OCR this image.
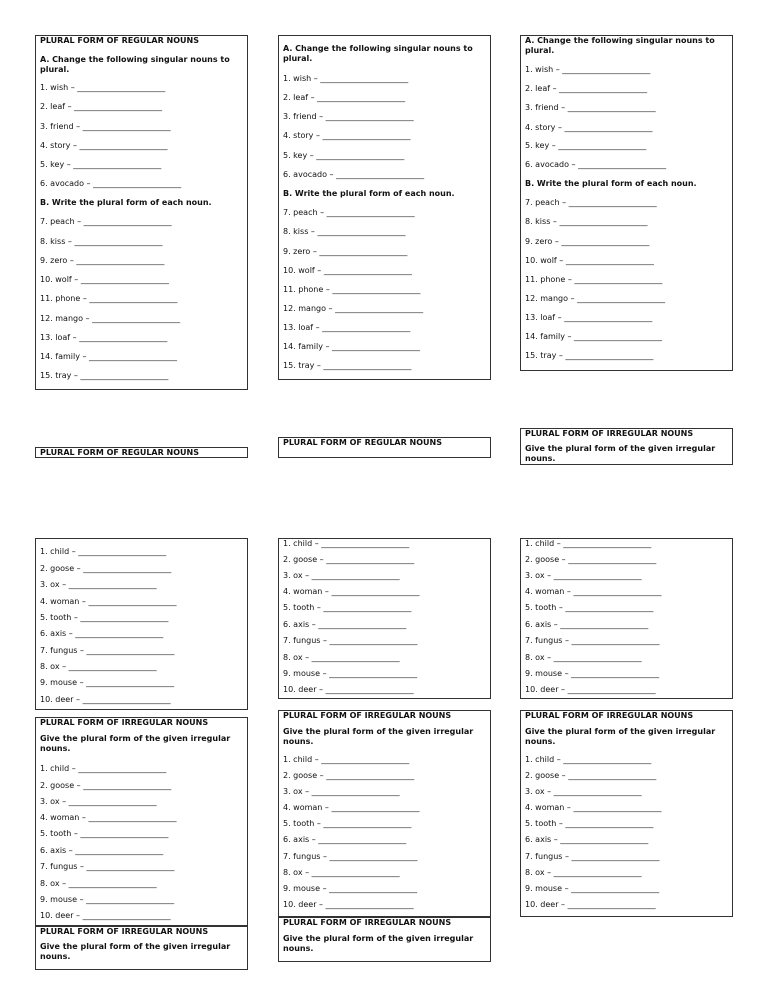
PLURAL FORM OF REGULAR NOUNS
A. Change the following singular nouns to plural.
1. wish – ______________________
2. leaf – ______________________
3. friend – ______________________
4. story – ______________________
5. key – ______________________
6. avocado – ______________________
B. Write the plural form of each noun.
7. peach – ______________________
8. kiss – ______________________
9. zero – ______________________
10. wolf – ______________________
11. phone – ______________________
12. mango – ______________________
13. loaf – ______________________
14. family – ______________________
15. tray – ______________________
A. Change the following singular nouns to plural.
1. wish – ______________________
2. leaf – ______________________
3. friend – ______________________
4. story – ______________________
5. key – ______________________
6. avocado – ______________________
B. Write the plural form of each noun.
7. peach – ______________________
8. kiss – ______________________
9. zero – ______________________
10. wolf – ______________________
11. phone – ______________________
12. mango – ______________________
13. loaf – ______________________
14. family – ______________________
15. tray – ______________________
A. Change the following singular nouns to plural.
1. wish – ______________________
2. leaf – ______________________
3. friend – ______________________
4. story – ______________________
5. key – ______________________
6. avocado – ______________________
B. Write the plural form of each noun.
7. peach – ______________________
8. kiss – ______________________
9. zero – ______________________
10. wolf – ______________________
11. phone – ______________________
12. mango – ______________________
13. loaf – ______________________
14. family – ______________________
15. tray – ______________________
PLURAL FORM OF REGULAR NOUNS
PLURAL FORM OF REGULAR NOUNS
PLURAL FORM OF IRREGULAR NOUNS
Give the plural form of the given irregular nouns.
1. child – ______________________
2. goose – ______________________
3. ox – ______________________
4. woman – ______________________
5. tooth – ______________________
6. axis – ______________________
7. fungus – ______________________
8. ox – ______________________
9. mouse – ______________________
10. deer – ______________________
1. child – ______________________
2. goose – ______________________
3. ox – ______________________
4. woman – ______________________
5. tooth – ______________________
6. axis – ______________________
7. fungus – ______________________
8. ox – ______________________
9. mouse – ______________________
10. deer – ______________________
1. child – ______________________
2. goose – ______________________
3. ox – ______________________
4. woman – ______________________
5. tooth – ______________________
6. axis – ______________________
7. fungus – ______________________
8. ox – ______________________
9. mouse – ______________________
10. deer – ______________________
PLURAL FORM OF IRREGULAR NOUNS
Give the plural form of the given irregular nouns.
1. child – ______________________
2. goose – ______________________
3. ox – ______________________
4. woman – ______________________
5. tooth – ______________________
6. axis – ______________________
7. fungus – ______________________
8. ox – ______________________
9. mouse – ______________________
10. deer – ______________________
PLURAL FORM OF IRREGULAR NOUNS
Give the plural form of the given irregular nouns.
1. child – ______________________
2. goose – ______________________
3. ox – ______________________
4. woman – ______________________
5. tooth – ______________________
6. axis – ______________________
7. fungus – ______________________
8. ox – ______________________
9. mouse – ______________________
10. deer – ______________________
PLURAL FORM OF IRREGULAR NOUNS
Give the plural form of the given irregular nouns.
1. child – ______________________
2. goose – ______________________
3. ox – ______________________
4. woman – ______________________
5. tooth – ______________________
6. axis – ______________________
7. fungus – ______________________
8. ox – ______________________
9. mouse – ______________________
10. deer – ______________________
PLURAL FORM OF IRREGULAR NOUNS
Give the plural form of the given irregular nouns.
PLURAL FORM OF IRREGULAR NOUNS
Give the plural form of the given irregular nouns.
